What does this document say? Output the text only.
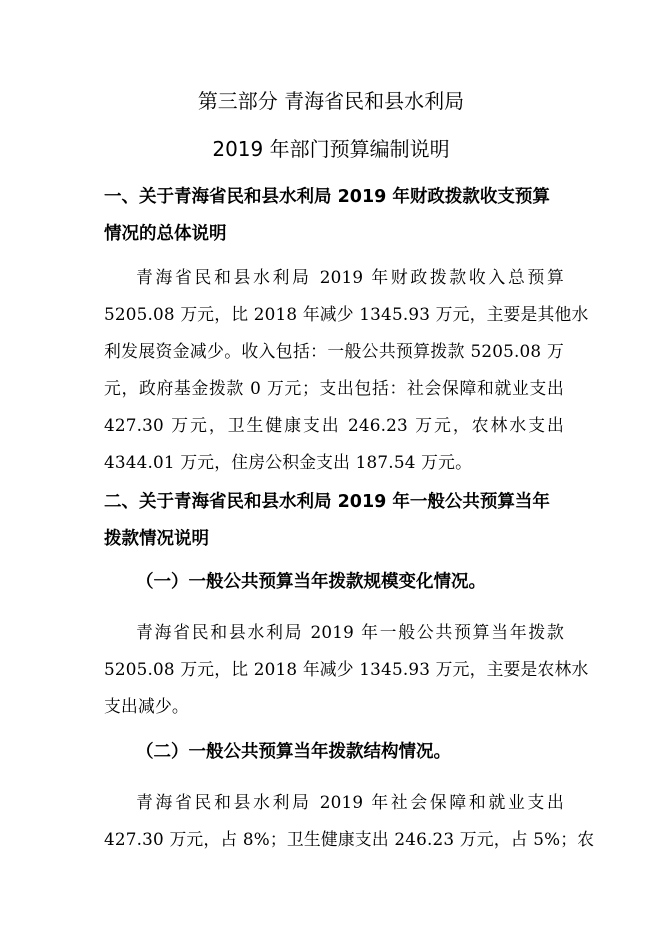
第三部分 青海省民和县水利局
2019 年部门预算编制说明
一、关于青海省民和县水利局 2019 年财政拨款收支预算情况的总体说明
青海省民和县水利局 2019 年财政拨款收入总预算
5205.08 万元，比 2018 年减少 1345.93 万元，主要是其他水
利发展资金减少。收入包括：一般公共预算拨款 5205.08 万
元，政府基金拨款 0 万元；支出包括：社会保障和就业支出
427.30 万元，卫生健康支出 246.23 万元，农林水支出
4344.01 万元，住房公积金支出 187.54 万元。
二、关于青海省民和县水利局 2019 年一般公共预算当年拨款情况说明
（一）一般公共预算当年拨款规模变化情况。
青海省民和县水利局 2019 年一般公共预算当年拨款
5205.08 万元，比 2018 年减少 1345.93 万元，主要是农林水
支出减少。
（二）一般公共预算当年拨款结构情况。
青海省民和县水利局 2019 年社会保障和就业支出
427.30 万元，占 8%；卫生健康支出 246.23 万元，占 5%；农
